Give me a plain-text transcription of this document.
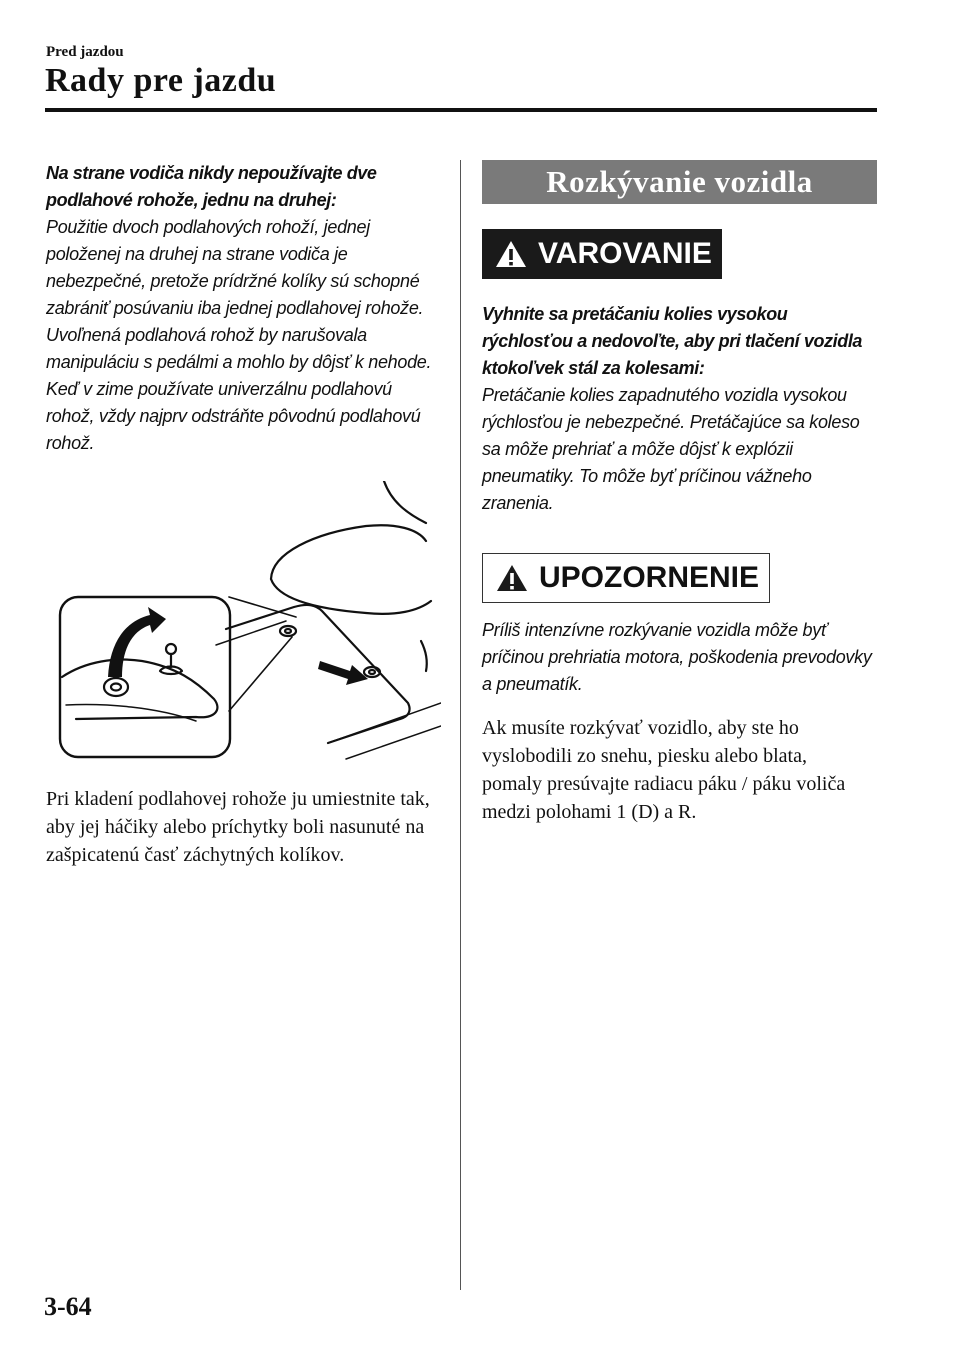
Pred jazdou
Rady pre jazdu

Na strane vodiča nikdy nepoužívajte dve podlahové rohože, jednu na druhej:

Použitie dvoch podlahových rohoží, jednej položenej na druhej na strane vodiča je nebezpečné, pretože prídržné kolíky sú schopné zabrániť posúvaniu iba jednej podlahovej rohože.

Uvoľnená podlahová rohož by narušovala manipuláciu s pedálmi a mohlo by dôjsť k nehode.

Keď v zime používate univerzálnu podlahovú rohož, vždy najprv odstráňte pôvodnú podlahovú rohož.

Pri kladení podlahovej rohože ju umiestnite tak, aby jej háčiky alebo príchytky boli nasunuté na zašpicatenú časť záchytných kolíkov.

Rozkývanie vozidla
VAROVANIE

Vyhnite sa pretáčaniu kolies vysokou rýchlosťou a nedovoľte, aby pri tlačení vozidla ktokoľvek stál za kolesami:

Pretáčanie kolies zapadnutého vozidla vysokou rýchlosťou je nebezpečné. Pretáčajúce sa koleso sa môže prehriať a môže dôjsť k explózii pneumatiky. To môže byť príčinou vážneho zranenia.

UPOZORNENIE

Príliš intenzívne rozkývanie vozidla môže byť príčinou prehriatia motora, poškodenia prevodovky a pneumatík.

Ak musíte rozkývať vozidlo, aby ste ho vyslobodili zo snehu, piesku alebo blata, pomaly presúvajte radiacu páku / páku voliča medzi polohami 1 (D) a R.

3-64
